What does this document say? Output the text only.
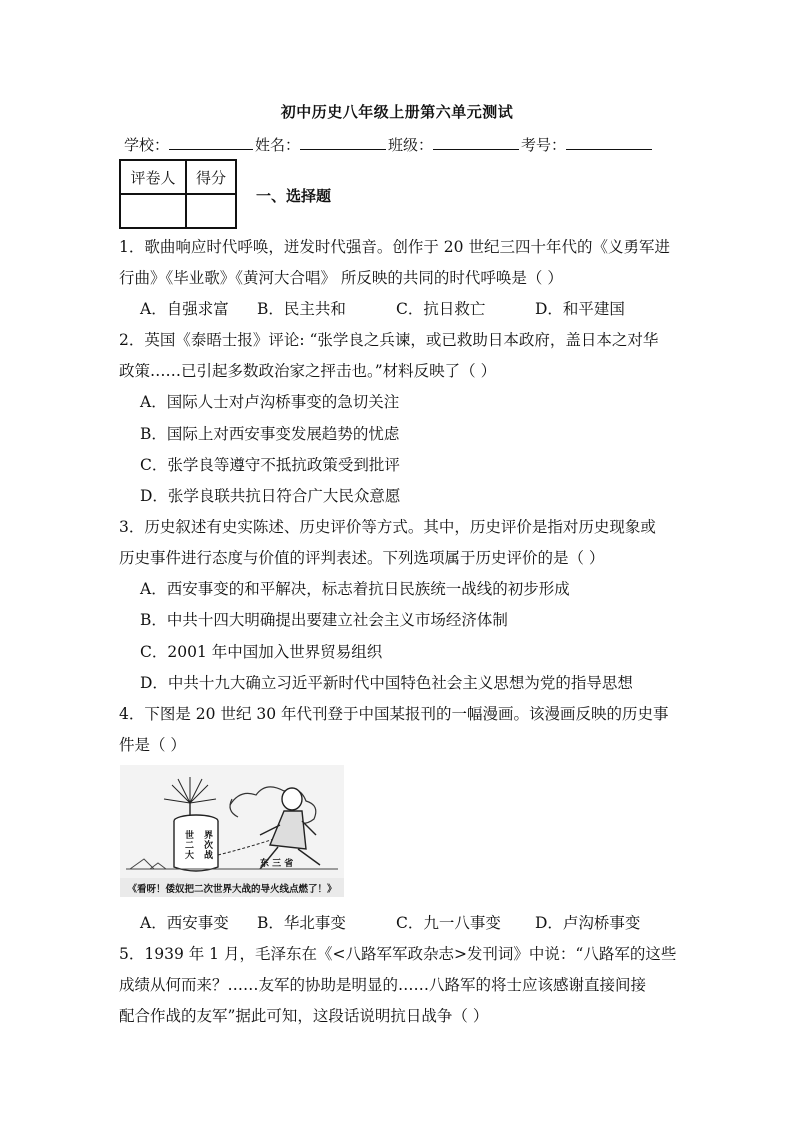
初中历史八年级上册第六单元测试
学校：	姓名：	班级：	考号：
评卷人	得分

一、选择题
1．歌曲响应时代呼唤，迸发时代强音。创作于 20 世纪三四十年代的《义勇军进
行曲》《毕业歌》《黄河大合唱》 所反映的共同的时代呼唤是（ ）
A．自强求富 B．民主共和	C．抗日救亡	D．和平建国
2．英国《泰晤士报》评论: “张学良之兵谏，或已救助日本政府，盖日本之对华
政策……已引起多数政治家之抨击也。”材料反映了（ ）
A．国际人士对卢沟桥事变的急切关注
B．国际上对西安事变发展趋势的忧虑
C．张学良等遵守不抵抗政策受到批评
D．张学良联共抗日符合广大民众意愿
3．历史叙述有史实陈述、历史评价等方式。其中，历史评价是指对历史现象或
历史事件进行态度与价值的评判表述。下列选项属于历史评价的是（ ）
A．西安事变的和平解决，标志着抗日民族统一战线的初步形成
B．中共十四大明确提出要建立社会主义市场经济体制
C．2001 年中国加入世界贸易组织
D．中共十九大确立习近平新时代中国特色社会主义思想为党的指导思想
4．下图是 20 世纪 30 年代刊登于中国某报刊的一幅漫画。该漫画反映的历史事
件是（ ）
世	界
二	次
大	战
东 三 省
《看呀！倭奴把二次世界大战的导火线点燃了！》
A．西安事变 B．华北事变	C．九一八事变 D．卢沟桥事变
5．1939 年 1 月，毛泽东在《<八路军军政杂志>发刊词》中说：“八路军的这些
成绩从何而来？……友军的协助是明显的……八路军的将士应该感谢直接间接
配合作战的友军”据此可知，这段话说明抗日战争（ ）
